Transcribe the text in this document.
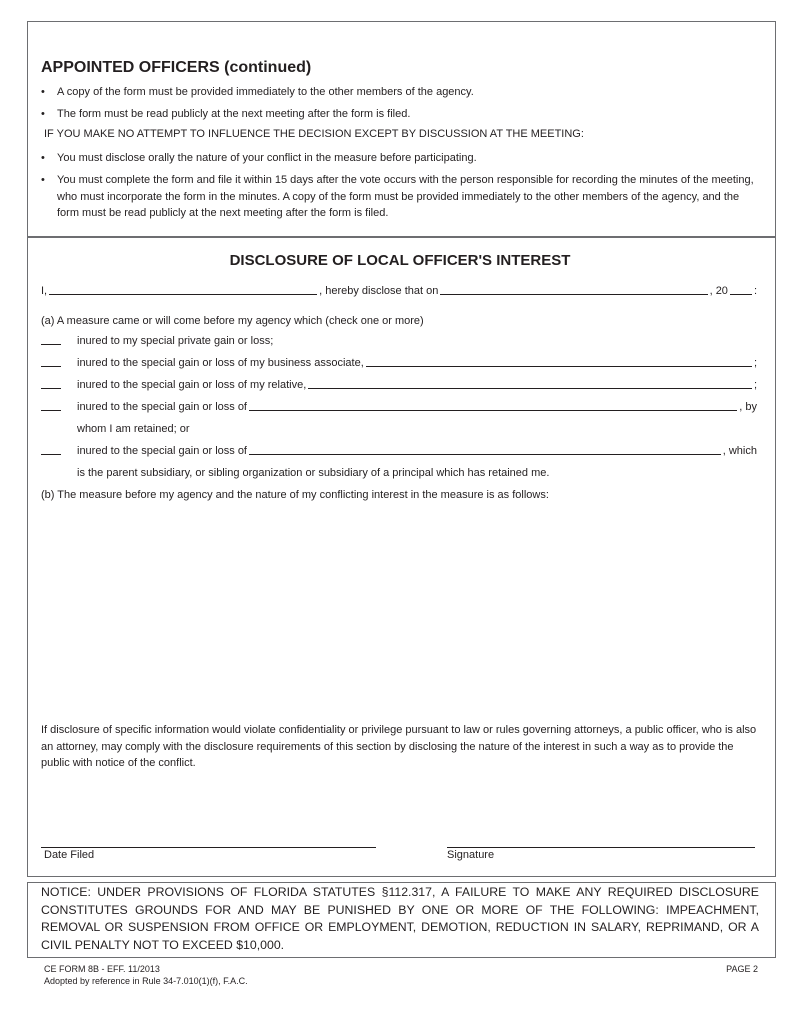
APPOINTED OFFICERS (continued)
•	A copy of the form must be provided immediately to the other members of the agency.
•	The form must be read publicly at the next meeting after the form is filed.
IF YOU MAKE NO ATTEMPT TO INFLUENCE THE DECISION EXCEPT BY DISCUSSION AT THE MEETING:
•	You must disclose orally the nature of your conflict in the measure before participating.
•	You must complete the form and file it within 15 days after the vote occurs with the person responsible for recording the minutes of the meeting, who must incorporate the form in the minutes. A copy of the form must be provided immediately to the other members of the agency, and the form must be read publicly at the next meeting after the form is filed.
DISCLOSURE OF LOCAL OFFICER'S INTEREST
I,	, hereby disclose that on	, 20 :
(a) A measure came or will come before my agency which (check one or more)
inured to my special private gain or loss;
inured to the special gain or loss of my business associate,	;
inured to the special gain or loss of my relative,	;
inured to the special gain or loss of	, by
whom I am retained; or
inured to the special gain or loss of	, which
is the parent subsidiary, or sibling organization or subsidiary of a principal which has retained me.
(b) The measure before my agency and the nature of my conflicting interest in the measure is as follows:
If disclosure of specific information would violate confidentiality or privilege pursuant to law or rules governing attorneys, a public officer, who is also an attorney, may comply with the disclosure requirements of this section by disclosing the nature of the interest in such a way as to provide the public with notice of the conflict.
Date Filed	Signature
NOTICE: UNDER PROVISIONS OF FLORIDA STATUTES §112.317, A FAILURE TO MAKE ANY REQUIRED DISCLOSURE CONSTITUTES GROUNDS FOR AND MAY BE PUNISHED BY ONE OR MORE OF THE FOLLOWING: IMPEACHMENT, REMOVAL OR SUSPENSION FROM OFFICE OR EMPLOYMENT, DEMOTION, REDUCTION IN SALARY, REPRIMAND, OR A CIVIL PENALTY NOT TO EXCEED $10,000.
CE FORM 8B - EFF. 11/2013
Adopted by reference in Rule 34-7.010(1)(f), F.A.C.
PAGE 2
